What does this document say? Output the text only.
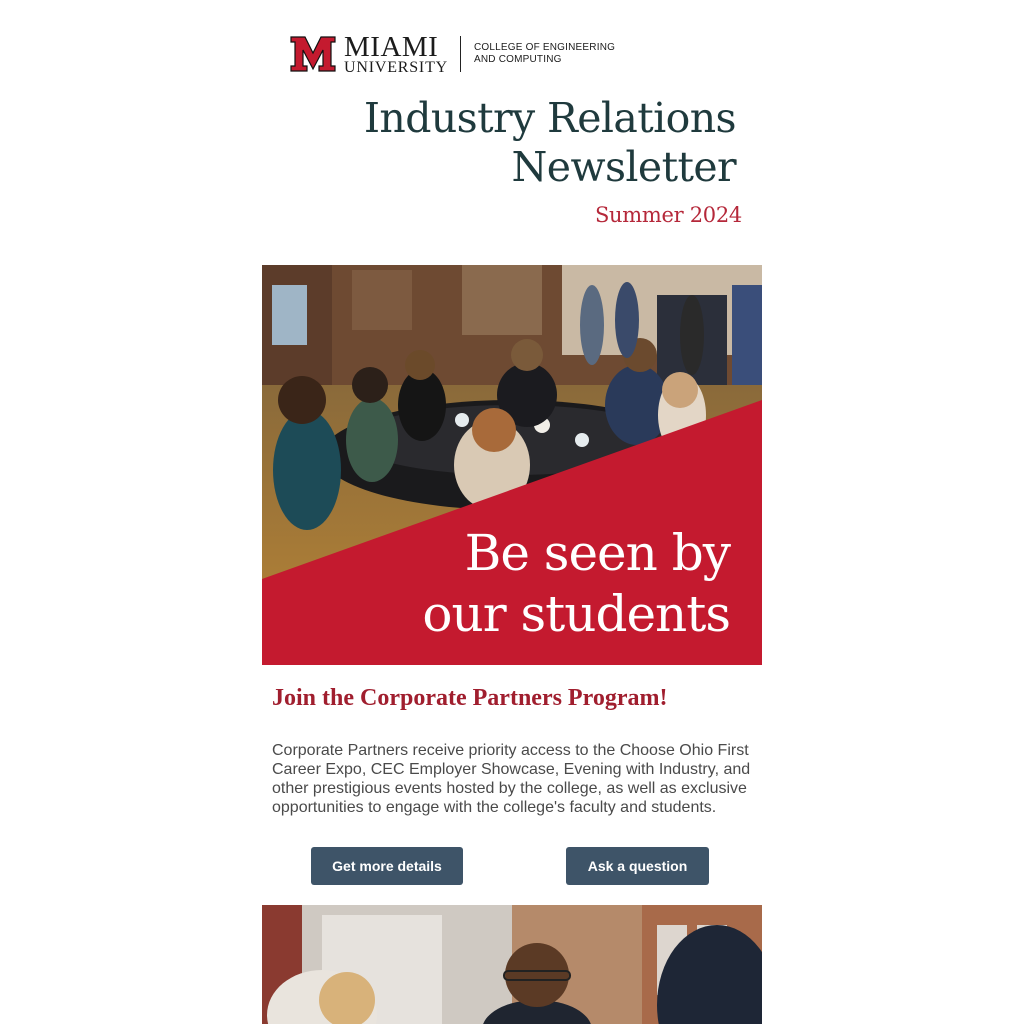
MIAMI
UNIVERSITY
COLLEGE OF ENGINEERING
AND COMPUTING
Industry Relations
Newsletter
Summer 2024
Be seen by
our students
Join the Corporate Partners Program!
Corporate Partners receive priority access to the Choose Ohio First Career Expo, CEC Employer Showcase, Evening with Industry, and other prestigious events hosted by the college, as well as exclusive opportunities to engage with the college's faculty and students.
Get more details	Ask a question
